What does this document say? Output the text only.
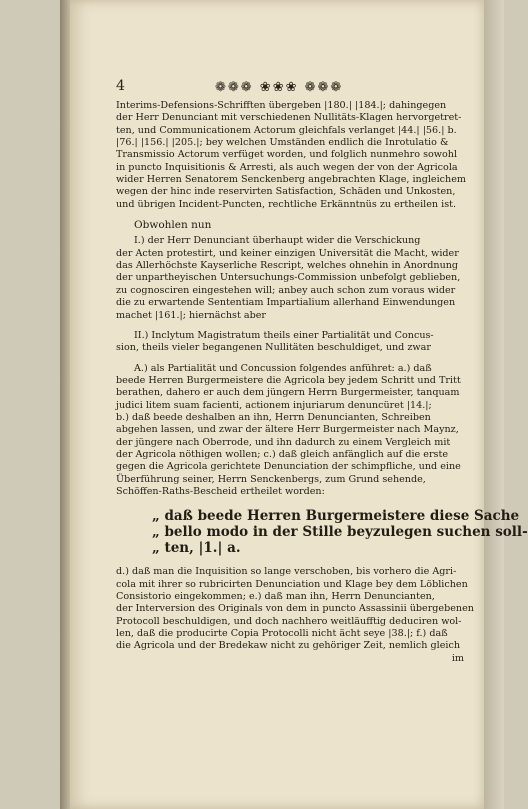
4	❁❁❁ ❀❀❀ ❁❁❁
Interims-Defensions-Schrifften übergeben |180.| |184.|; dahingegen
der Herr Denunciant mit verschiedenen Nullitäts-Klagen hervorgetret-
ten, und Communicationem Actorum gleichfals verlanget |44.| |56.| b.
|76.| |156.| |205.|; bey welchen Umständen endlich die Inrotulatio &
Transmissio Actorum verfüget worden, und folglich nunmehro sowohl
in puncto Inquisitionis & Arresti, als auch wegen der von der Agricola
wider Herren Senatorem Senckenberg angebrachten Klage, ingleichem
wegen der hinc inde reservirten Satisfaction, Schäden und Unkosten,
und übrigen Incident-Puncten, rechtliche Erkänntnüs zu ertheilen ist.
Obwohlen nun
I.) der Herr Denunciant überhaupt wider die Verschickung
der Acten protestirt, und keiner einzigen Universität die Macht, wider
das Allerhöchste Kayserliche Rescript, welches ohnehin in Anordnung
der unpartheyischen Untersuchungs-Commission unbefolgt geblieben,
zu cognosciren eingestehen will; anbey auch schon zum voraus wider
die zu erwartende Sententiam Impartialium allerhand Einwendungen
machet |161.|; hiernächst aber
II.) Inclytum Magistratum theils einer Partialität und Concus-
sion, theils vieler begangenen Nullitäten beschuldiget, und zwar
A.) als Partialität und Concussion folgendes anführet: a.) daß
beede Herren Burgermeistere die Agricola bey jedem Schritt und Tritt
berathen, dahero er auch dem jüngern Herrn Burgermeister, tanquam
judici litem suam facienti, actionem injuriarum denuncüret |14.|;
b.) daß beede deshalben an ihn, Herrn Denuncianten, Schreiben
abgehen lassen, und zwar der ältere Herr Burgermeister nach Maynz,
der jüngere nach Oberrode, und ihn dadurch zu einem Vergleich mit
der Agricola nöthigen wollen; c.) daß gleich anfänglich auf die erste
gegen die Agricola gerichtete Denunciation der schimpfliche, und eine
Überführung seiner, Herrn Senckenbergs, zum Grund sehende,
Schöffen-Raths-Bescheid ertheilet worden:
„ daß beede Herren Burgermeistere diese Sache
„ bello modo in der Stille beyzulegen suchen soll-
„ ten, |1.| a.
d.) daß man die Inquisition so lange verschoben, bis vorhero die Agri-
cola mit ihrer so rubricirten Denunciation und Klage bey dem Löblichen
Consistorio eingekommen; e.) daß man ihn, Herrn Denuncianten,
der Interversion des Originals von dem in puncto Assassinii übergebenen
Protocoll beschuldigen, und doch nachhero weitläufftig deduciren wol-
len, daß die producirte Copia Protocolli nicht ächt seye |38.|; f.) daß
die Agricola und der Bredekaw nicht zu gehöriger Zeit, nemlich gleich
im
